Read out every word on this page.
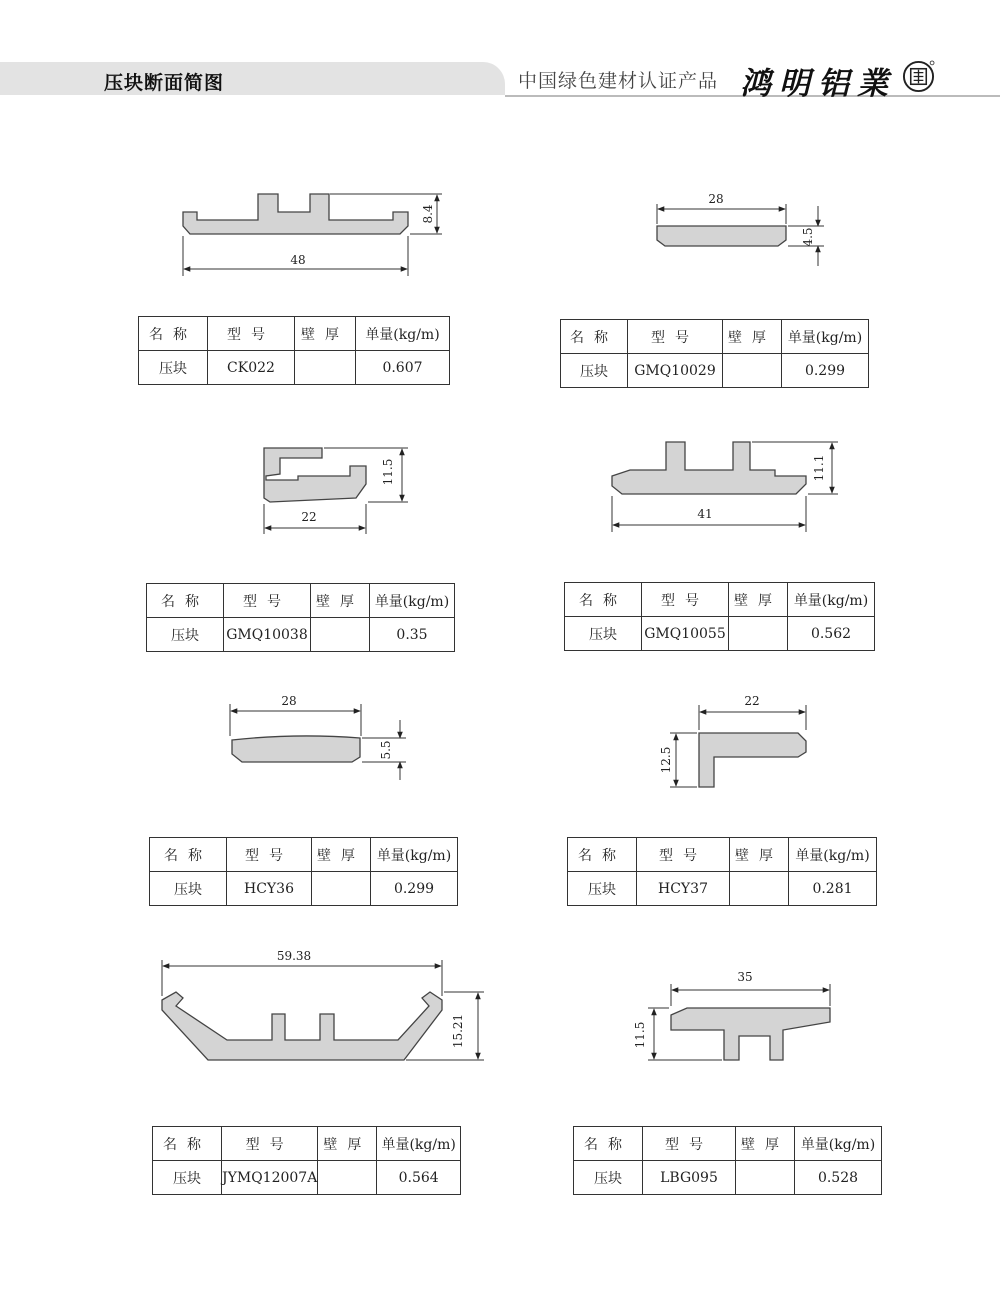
压块断面简图	中国绿色建材认证产品 鸿明铝業
48
8.4
28
4.5
22
11.5
41
11.1
28
5.5
22
12.5
59.38
15.21
35
11.5
名称	型号	壁厚	单量(kg/m)
压块	CK022		0.607
名称	型号	壁厚	单量(kg/m)
压块	GMQ10029		0.299
名称	型号	壁厚	单量(kg/m)
压块	GMQ10038		0.35
名称	型号	壁厚	单量(kg/m)
压块	GMQ10055		0.562
名称	型号	壁厚	单量(kg/m)
压块	HCY36		0.299
名称	型号	壁厚	单量(kg/m)
压块	HCY37		0.281
名称	型号	壁厚	单量(kg/m)
压块	JYMQ12007A		0.564
名称	型号	壁厚	单量(kg/m)
压块	LBG095		0.528
